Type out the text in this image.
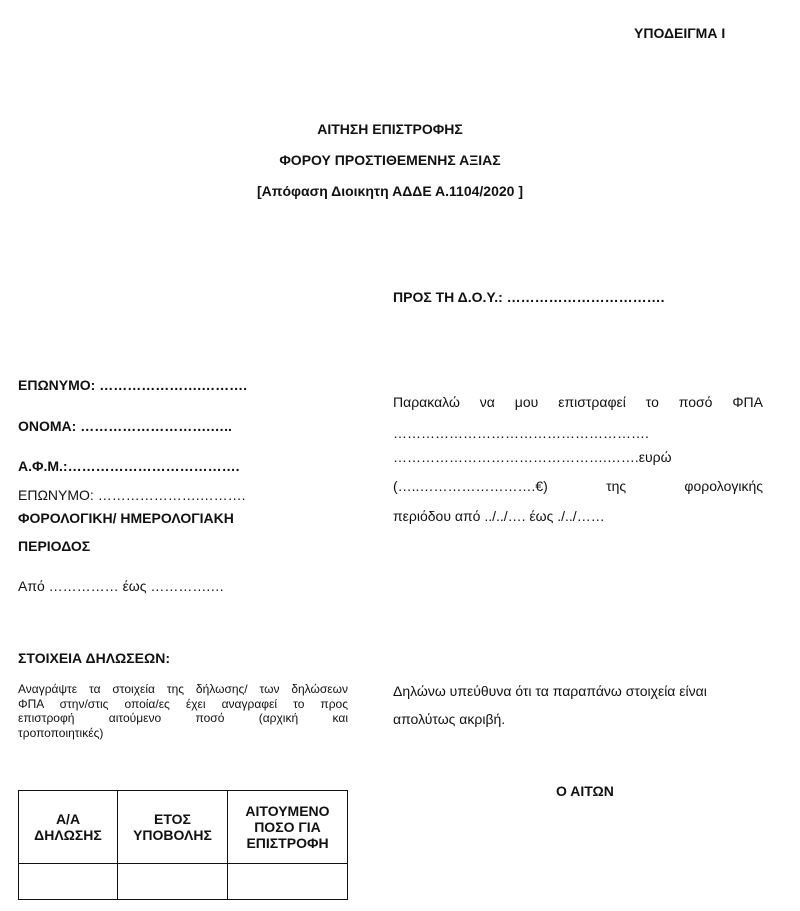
ΥΠΟΔΕΙΓΜΑ Ι
ΑΙΤΗΣΗ ΕΠΙΣΤΡΟΦΗΣ
ΦΟΡΟΥ ΠΡΟΣΤΙΘΕΜΕΝΗΣ ΑΞΙΑΣ
[Απόφαση Διοικητη ΑΔΔΕ Α.1104/2020 ]
ΠΡΟΣ ΤΗ Δ.Ο.Υ.: …………………………….
ΕΠΩΝΥΜΟ: ………………….……….
ΟΝΟΜΑ: ……………………….…..
Α.Φ.Μ.:……………………………….
ΕΠΩΝΥΜΟ: ………………….……….
ΦΟΡΟΛΟΓΙΚΗ/ ΗΜΕΡΟΛΟΓΙΑΚΗ
ΠΕΡΙΟΔΟΣ
Από …………… έως ………….…
Παρακαλώ να μου επιστραφεί το ποσό ΦΠΑ
……………………………………………….
……………………………………….…….ευρώ
(…..…………………….€) της φορολογικής
περιόδου από ../../…. έως ./../……
ΣΤΟΙΧΕΙΑ ΔΗΛΩΣΕΩΝ:
Αναγράψτε τα στοιχεία της δήλωσης/ των δηλώσεων
ΦΠΑ στην/στις οποία/ες έχει αναγραφεί το προς
επιστροφή αιτούμενο ποσό (αρχική και
τροποποιητικές)
Α/Α ΔΗΛΩΣΗΣ	ΕΤΟΣ ΥΠΟΒΟΛΗΣ	ΑΙΤΟΥΜΕΝΟ ΠΟΣΟ ΓΙΑ ΕΠΙΣΤΡΟΦΗ

Δηλώνω υπεύθυνα ότι τα παραπάνω στοιχεία είναι
απολύτως ακριβή.
Ο ΑΙΤΩΝ
